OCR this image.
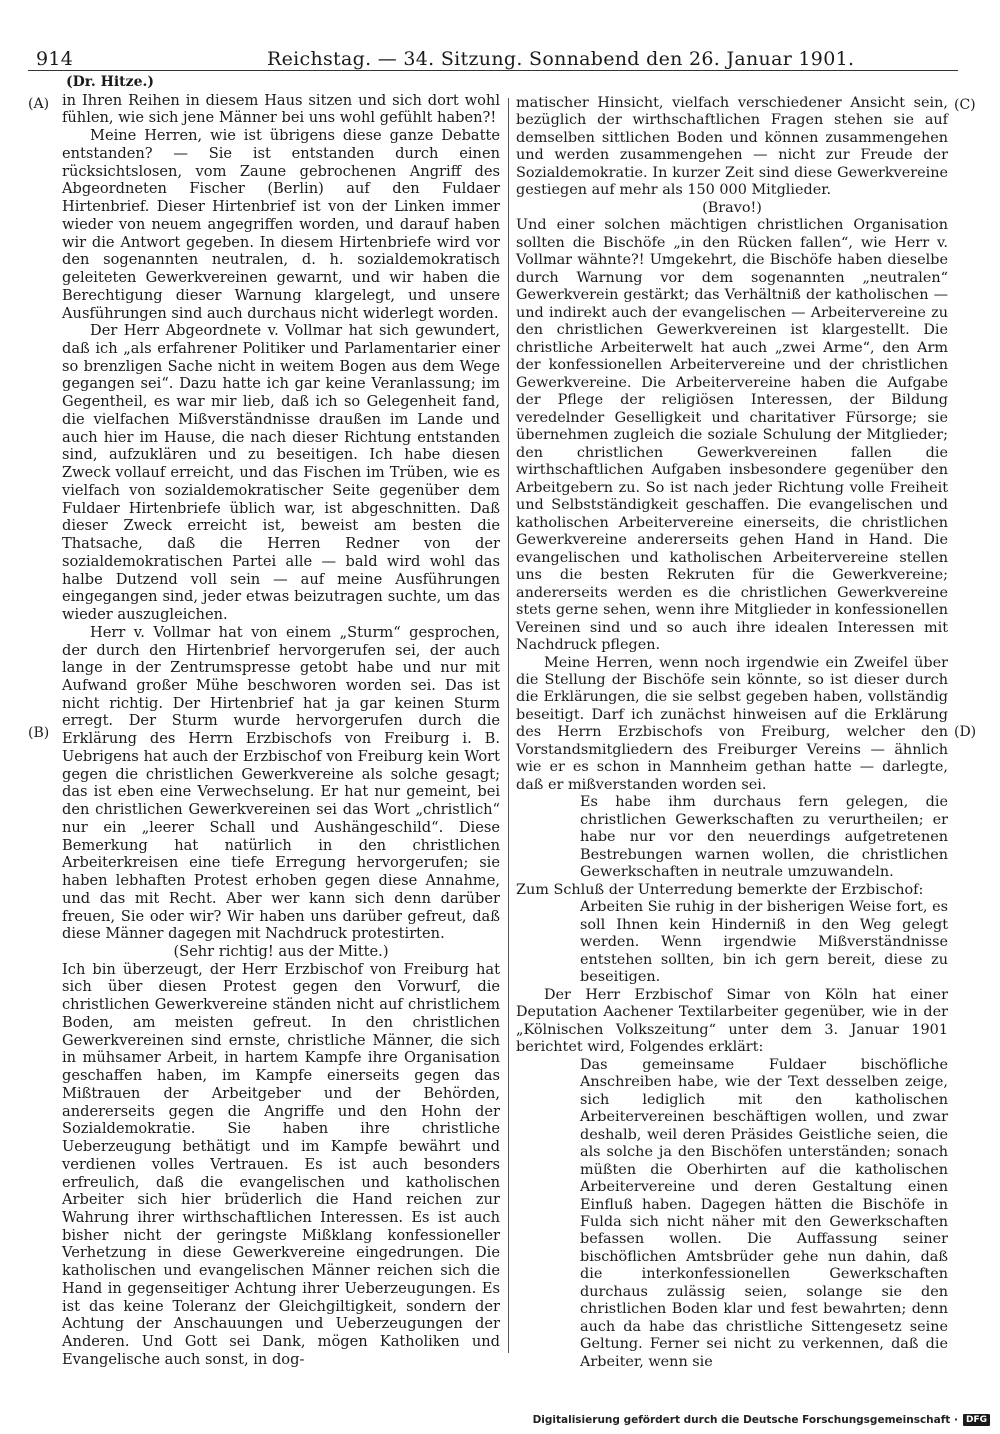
914	Reichstag. — 34. Sitzung. Sonnabend den 26. Januar 1901.
(A)
(B)
(C)
(D)

(Dr. Hitze.)

in Ihren Reihen in diesem Haus sitzen und sich dort wohl fühlen, wie sich jene Männer bei uns wohl gefühlt haben?!

Meine Herren, wie ist übrigens diese ganze Debatte entstanden? — Sie ist entstanden durch einen rücksichtslosen, vom Zaune gebrochenen Angriff des Abgeordneten Fischer (Berlin) auf den Fuldaer Hirtenbrief. Dieser Hirtenbrief ist von der Linken immer wieder von neuem angegriffen worden, und darauf haben wir die Antwort gegeben. In diesem Hirtenbriefe wird vor den sogenannten neutralen, d. h. sozialdemokratisch geleiteten Gewerkvereinen gewarnt, und wir haben die Berechtigung dieser Warnung klargelegt, und unsere Ausführungen sind auch durchaus nicht widerlegt worden.

Der Herr Abgeordnete v. Vollmar hat sich gewundert, daß ich „als erfahrener Politiker und Parlamentarier einer so brenzligen Sache nicht in weitem Bogen aus dem Wege gegangen sei“. Dazu hatte ich gar keine Veranlassung; im Gegentheil, es war mir lieb, daß ich so Gelegenheit fand, die vielfachen Mißverständnisse draußen im Lande und auch hier im Hause, die nach dieser Richtung entstanden sind, aufzuklären und zu beseitigen. Ich habe diesen Zweck vollauf erreicht, und das Fischen im Trüben, wie es vielfach von sozialdemokratischer Seite gegenüber dem Fuldaer Hirtenbriefe üblich war, ist abgeschnitten. Daß dieser Zweck erreicht ist, beweist am besten die Thatsache, daß die Herren Redner von der sozialdemokratischen Partei alle — bald wird wohl das halbe Dutzend voll sein — auf meine Ausführungen eingegangen sind, jeder etwas beizutragen suchte, um das wieder auszugleichen.

Herr v. Vollmar hat von einem „Sturm“ gesprochen, der durch den Hirtenbrief hervorgerufen sei, der auch lange in der Zentrumspresse getobt habe und nur mit Aufwand großer Mühe beschworen worden sei. Das ist nicht richtig. Der Hirtenbrief hat ja gar keinen Sturm erregt. Der Sturm wurde hervorgerufen durch die Erklärung des Herrn Erzbischofs von Freiburg i. B. Uebrigens hat auch der Erzbischof von Freiburg kein Wort gegen die christlichen Gewerkvereine als solche gesagt; das ist eben eine Verwechselung. Er hat nur gemeint, bei den christlichen Gewerkvereinen sei das Wort „christlich“ nur ein „leerer Schall und Aushängeschild“. Diese Bemerkung hat natürlich in den christlichen Arbeiterkreisen eine tiefe Erregung hervorgerufen; sie haben lebhaften Protest erhoben gegen diese Annahme, und das mit Recht. Aber wer kann sich denn darüber freuen, Sie oder wir? Wir haben uns darüber gefreut, daß diese Männer dagegen mit Nachdruck protestirten.

(Sehr richtig! aus der Mitte.)

Ich bin überzeugt, der Herr Erzbischof von Freiburg hat sich über diesen Protest gegen den Vorwurf, die christlichen Gewerkvereine ständen nicht auf christlichem Boden, am meisten gefreut. In den christlichen Gewerkvereinen sind ernste, christliche Männer, die sich in mühsamer Arbeit, in hartem Kampfe ihre Organisation geschaffen haben, im Kampfe einerseits gegen das Mißtrauen der Arbeitgeber und der Behörden, andererseits gegen die Angriffe und den Hohn der Sozialdemokratie. Sie haben ihre christliche Ueberzeugung bethätigt und im Kampfe bewährt und verdienen volles Vertrauen. Es ist auch besonders erfreulich, daß die evangelischen und katholischen Arbeiter sich hier brüderlich die Hand reichen zur Wahrung ihrer wirthschaftlichen Interessen. Es ist auch bisher nicht der geringste Mißklang konfessioneller Verhetzung in diese Gewerkvereine eingedrungen. Die katholischen und evangelischen Männer reichen sich die Hand in gegenseitiger Achtung ihrer Ueberzeugungen. Es ist das keine Toleranz der Gleichgiltigkeit, sondern der Achtung der Anschauungen und Ueberzeugungen der Anderen. Und Gott sei Dank, mögen Katholiken und Evangelische auch sonst, in dog-

matischer Hinsicht, vielfach verschiedener Ansicht sein, bezüglich der wirthschaftlichen Fragen stehen sie auf demselben sittlichen Boden und können zusammengehen und werden zusammengehen — nicht zur Freude der Sozialdemokratie. In kurzer Zeit sind diese Gewerkvereine gestiegen auf mehr als 150 000 Mitglieder.

(Bravo!)

Und einer solchen mächtigen christlichen Organisation sollten die Bischöfe „in den Rücken fallen“, wie Herr v. Vollmar wähnte?! Umgekehrt, die Bischöfe haben dieselbe durch Warnung vor dem sogenannten „neutralen“ Gewerkverein gestärkt; das Verhältniß der katholischen — und indirekt auch der evangelischen — Arbeitervereine zu den christlichen Gewerkvereinen ist klargestellt. Die christliche Arbeiterwelt hat auch „zwei Arme“, den Arm der konfessionellen Arbeitervereine und der christlichen Gewerkvereine. Die Arbeitervereine haben die Aufgabe der Pflege der religiösen Interessen, der Bildung veredelnder Geselligkeit und charitativer Fürsorge; sie übernehmen zugleich die soziale Schulung der Mitglieder; den christlichen Gewerkvereinen fallen die wirthschaftlichen Aufgaben insbesondere gegenüber den Arbeitgebern zu. So ist nach jeder Richtung volle Freiheit und Selbstständigkeit geschaffen. Die evangelischen und katholischen Arbeitervereine einerseits, die christlichen Gewerkvereine andererseits gehen Hand in Hand. Die evangelischen und katholischen Arbeitervereine stellen uns die besten Rekruten für die Gewerkvereine; andererseits werden es die christlichen Gewerkvereine stets gerne sehen, wenn ihre Mitglieder in konfessionellen Vereinen sind und so auch ihre idealen Interessen mit Nachdruck pflegen.

Meine Herren, wenn noch irgendwie ein Zweifel über die Stellung der Bischöfe sein könnte, so ist dieser durch die Erklärungen, die sie selbst gegeben haben, vollständig beseitigt. Darf ich zunächst hinweisen auf die Erklärung des Herrn Erzbischofs von Freiburg, welcher den Vorstandsmitgliedern des Freiburger Vereins — ähnlich wie er es schon in Mannheim gethan hatte — darlegte, daß er mißverstanden worden sei.

Es habe ihm durchaus fern gelegen, die christlichen Gewerkschaften zu verurtheilen; er habe nur vor den neuerdings aufgetretenen Bestrebungen warnen wollen, die christlichen Gewerkschaften in neutrale umzuwandeln.

Zum Schluß der Unterredung bemerkte der Erzbischof:

Arbeiten Sie ruhig in der bisherigen Weise fort, es soll Ihnen kein Hinderniß in den Weg gelegt werden. Wenn irgendwie Mißverständnisse entstehen sollten, bin ich gern bereit, diese zu beseitigen.

Der Herr Erzbischof Simar von Köln hat einer Deputation Aachener Textilarbeiter gegenüber, wie in der „Kölnischen Volkszeitung“ unter dem 3. Januar 1901 berichtet wird, Folgendes erklärt:

Das gemeinsame Fuldaer bischöfliche Anschreiben habe, wie der Text desselben zeige, sich lediglich mit den katholischen Arbeitervereinen beschäftigen wollen, und zwar deshalb, weil deren Präsides Geistliche seien, die als solche ja den Bischöfen unterständen; sonach müßten die Oberhirten auf die katholischen Arbeitervereine und deren Gestaltung einen Einfluß haben. Dagegen hätten die Bischöfe in Fulda sich nicht näher mit den Gewerkschaften befassen wollen. Die Auffassung seiner bischöflichen Amtsbrüder gehe nun dahin, daß die interkonfessionellen Gewerkschaften durchaus zulässig seien, solange sie den christlichen Boden klar und fest bewahrten; denn auch da habe das christliche Sittengesetz seine Geltung. Ferner sei nicht zu verkennen, daß die Arbeiter, wenn sie

Digitalisierung gefördert durch die Deutsche Forschungsgemeinschaft · DFG
